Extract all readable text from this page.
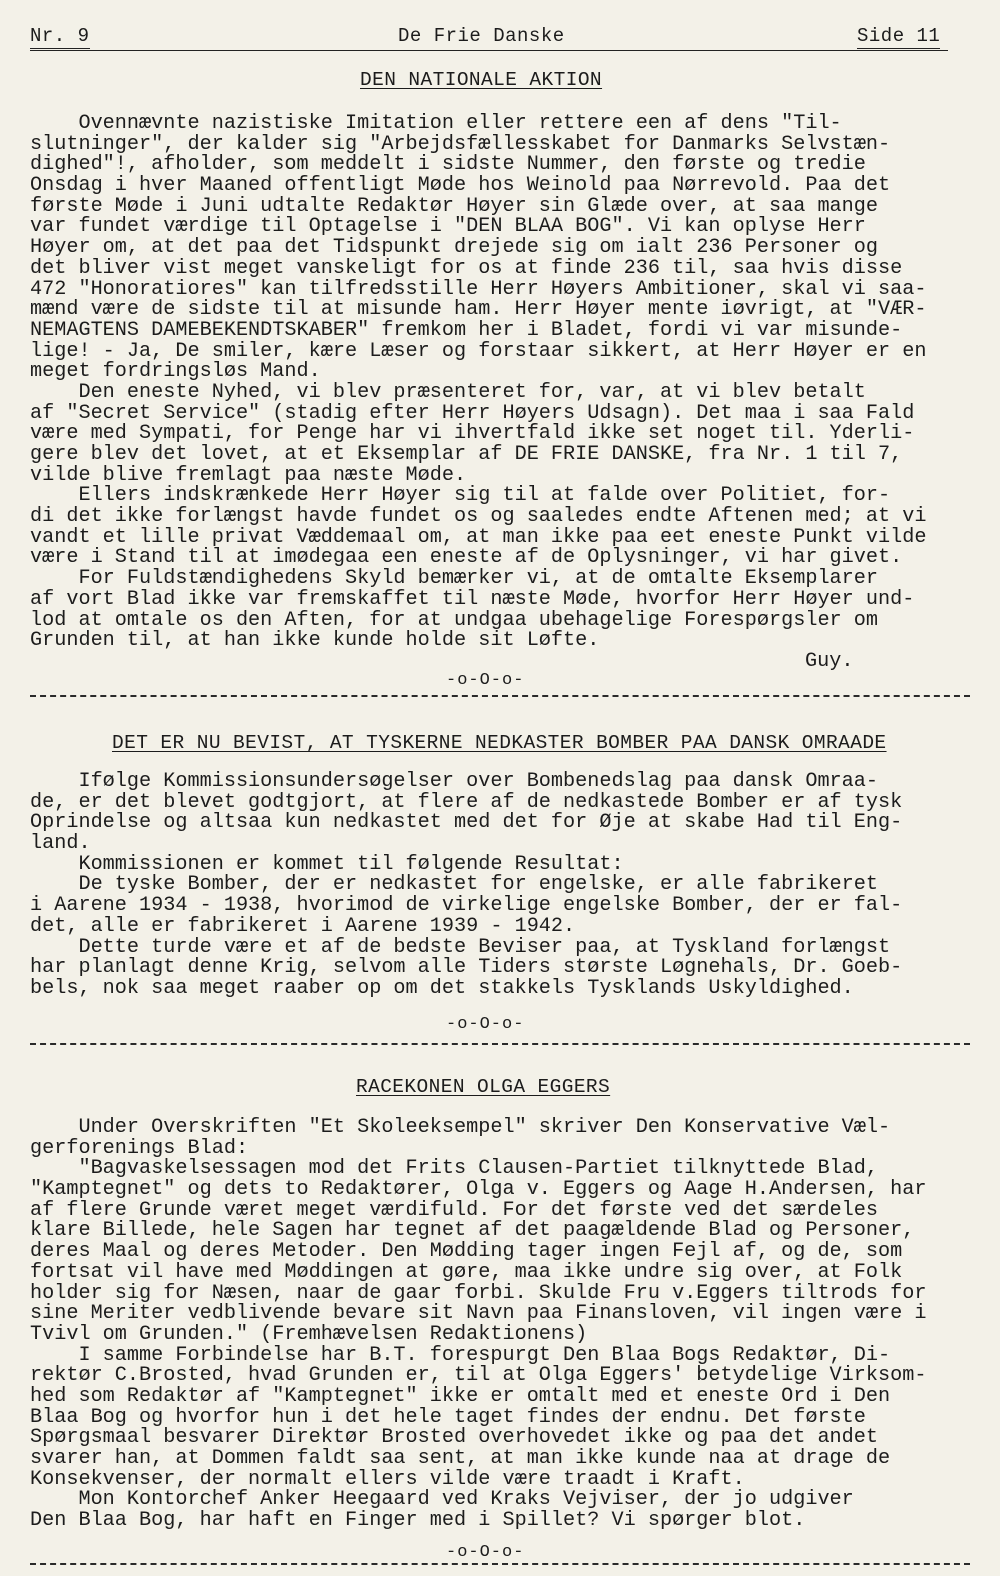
Nr. 9	De Frie Danske	Side 11
DEN NATIONALE AKTION
Ovennævnte nazistiske Imitation eller rettere een af dens "Til-
slutninger", der kalder sig "Arbejdsfællesskabet for Danmarks Selvstæn-
dighed"!, afholder, som meddelt i sidste Nummer, den første og tredie
Onsdag i hver Maaned offentligt Møde hos Weinold paa Nørrevold. Paa det
første Møde i Juni udtalte Redaktør Høyer sin Glæde over, at saa mange
var fundet værdige til Optagelse i "DEN BLAA BOG". Vi kan oplyse Herr
Høyer om, at det paa det Tidspunkt drejede sig om ialt 236 Personer og
det bliver vist meget vanskeligt for os at finde 236 til, saa hvis disse
472 "Honoratiores" kan tilfredsstille Herr Høyers Ambitioner, skal vi saa-
mænd være de sidste til at misunde ham. Herr Høyer mente iøvrigt, at "VÆR-
NEMAGTENS DAMEBEKENDTSKABER" fremkom her i Bladet, fordi vi var misunde-
lige! - Ja, De smiler, kære Læser og forstaar sikkert, at Herr Høyer er en
meget fordringsløs Mand.
Den eneste Nyhed, vi blev præsenteret for, var, at vi blev betalt
af "Secret Service" (stadig efter Herr Høyers Udsagn). Det maa i saa Fald
være med Sympati, for Penge har vi ihvertfald ikke set noget til. Yderli-
gere blev det lovet, at et Eksemplar af DE FRIE DANSKE, fra Nr. 1 til 7,
vilde blive fremlagt paa næste Møde.
Ellers indskrænkede Herr Høyer sig til at falde over Politiet, for-
di det ikke forlængst havde fundet os og saaledes endte Aftenen med; at vi
vandt et lille privat Væddemaal om, at man ikke paa eet eneste Punkt vilde
være i Stand til at imødegaa een eneste af de Oplysninger, vi har givet.
For Fuldstændighedens Skyld bemærker vi, at de omtalte Eksemplarer
af vort Blad ikke var fremskaffet til næste Møde, hvorfor Herr Høyer und-
lod at omtale os den Aften, for at undgaa ubehagelige Forespørgsler om
Grunden til, at han ikke kunde holde sit Løfte.
Guy.
-o-O-o-
DET ER NU BEVIST, AT TYSKERNE NEDKASTER BOMBER PAA DANSK OMRAADE
Ifølge Kommissionsundersøgelser over Bombenedslag paa dansk Omraa-
de, er det blevet godtgjort, at flere af de nedkastede Bomber er af tysk
Oprindelse og altsaa kun nedkastet med det for Øje at skabe Had til Eng-
land.
Kommissionen er kommet til følgende Resultat:
De tyske Bomber, der er nedkastet for engelske, er alle fabrikeret
i Aarene 1934 - 1938, hvorimod de virkelige engelske Bomber, der er fal-
det, alle er fabrikeret i Aarene 1939 - 1942.
Dette turde være et af de bedste Beviser paa, at Tyskland forlængst
har planlagt denne Krig, selvom alle Tiders største Løgnehals, Dr. Goeb-
bels, nok saa meget raaber op om det stakkels Tysklands Uskyldighed.
-o-O-o-
RACEKONEN OLGA EGGERS
Under Overskriften "Et Skoleeksempel" skriver Den Konservative Væl-
gerforenings Blad:
"Bagvaskelsessagen mod det Frits Clausen-Partiet tilknyttede Blad,
"Kamptegnet" og dets to Redaktører, Olga v. Eggers og Aage H.Andersen, har
af flere Grunde været meget værdifuld. For det første ved det særdeles
klare Billede, hele Sagen har tegnet af det paagældende Blad og Personer,
deres Maal og deres Metoder. Den Mødding tager ingen Fejl af, og de, som
fortsat vil have med Møddingen at gøre, maa ikke undre sig over, at Folk
holder sig for Næsen, naar de gaar forbi. Skulde Fru v.Eggers tiltrods for
sine Meriter vedblivende bevare sit Navn paa Finansloven, vil ingen være i
Tvivl om Grunden." (Fremhævelsen Redaktionens)
I samme Forbindelse har B.T. forespurgt Den Blaa Bogs Redaktør, Di-
rektør C.Brosted, hvad Grunden er, til at Olga Eggers' betydelige Virksom-
hed som Redaktør af "Kamptegnet" ikke er omtalt med et eneste Ord i Den
Blaa Bog og hvorfor hun i det hele taget findes der endnu. Det første
Spørgsmaal besvarer Direktør Brosted overhovedet ikke og paa det andet
svarer han, at Dommen faldt saa sent, at man ikke kunde naa at drage de
Konsekvenser, der normalt ellers vilde være traadt i Kraft.
Mon Kontorchef Anker Heegaard ved Kraks Vejviser, der jo udgiver
Den Blaa Bog, har haft en Finger med i Spillet? Vi spørger blot.
-o-O-o-
